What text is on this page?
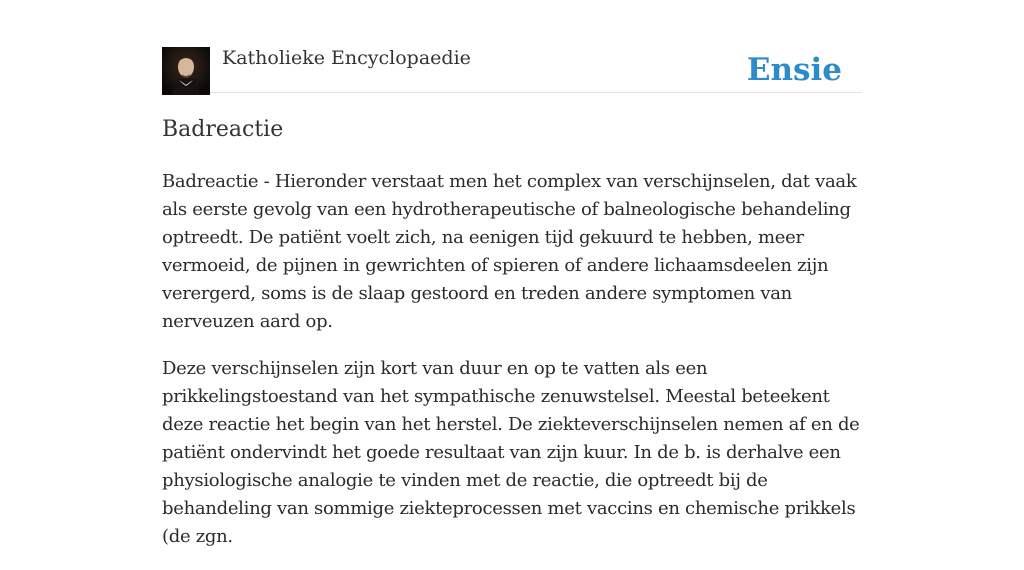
Katholieke Encyclopaedie	Ensie
Badreactie

Badreactie - Hieronder verstaat men het complex van verschijnselen, dat vaak als eerste gevolg van een hydrotherapeutische of balneologische behandeling optreedt. De patiënt voelt zich, na eenigen tijd gekuurd te hebben, meer vermoeid, de pijnen in gewrichten of spieren of andere lichaamsdeelen zijn verergerd, soms is de slaap gestoord en treden andere symptomen van nerveuzen aard op.

Deze verschijnselen zijn kort van duur en op te vatten als een prikkelingstoestand van het sympathische zenuwstelsel. Meestal beteekent deze reactie het begin van het herstel. De ziekteverschijnselen nemen af en de patiënt ondervindt het goede resultaat van zijn kuur. In de b. is derhalve een physiologische analogie te vinden met de reactie, die optreedt bij de behandeling van sommige ziekteprocessen met vaccins en chemische prikkels (de zgn.
